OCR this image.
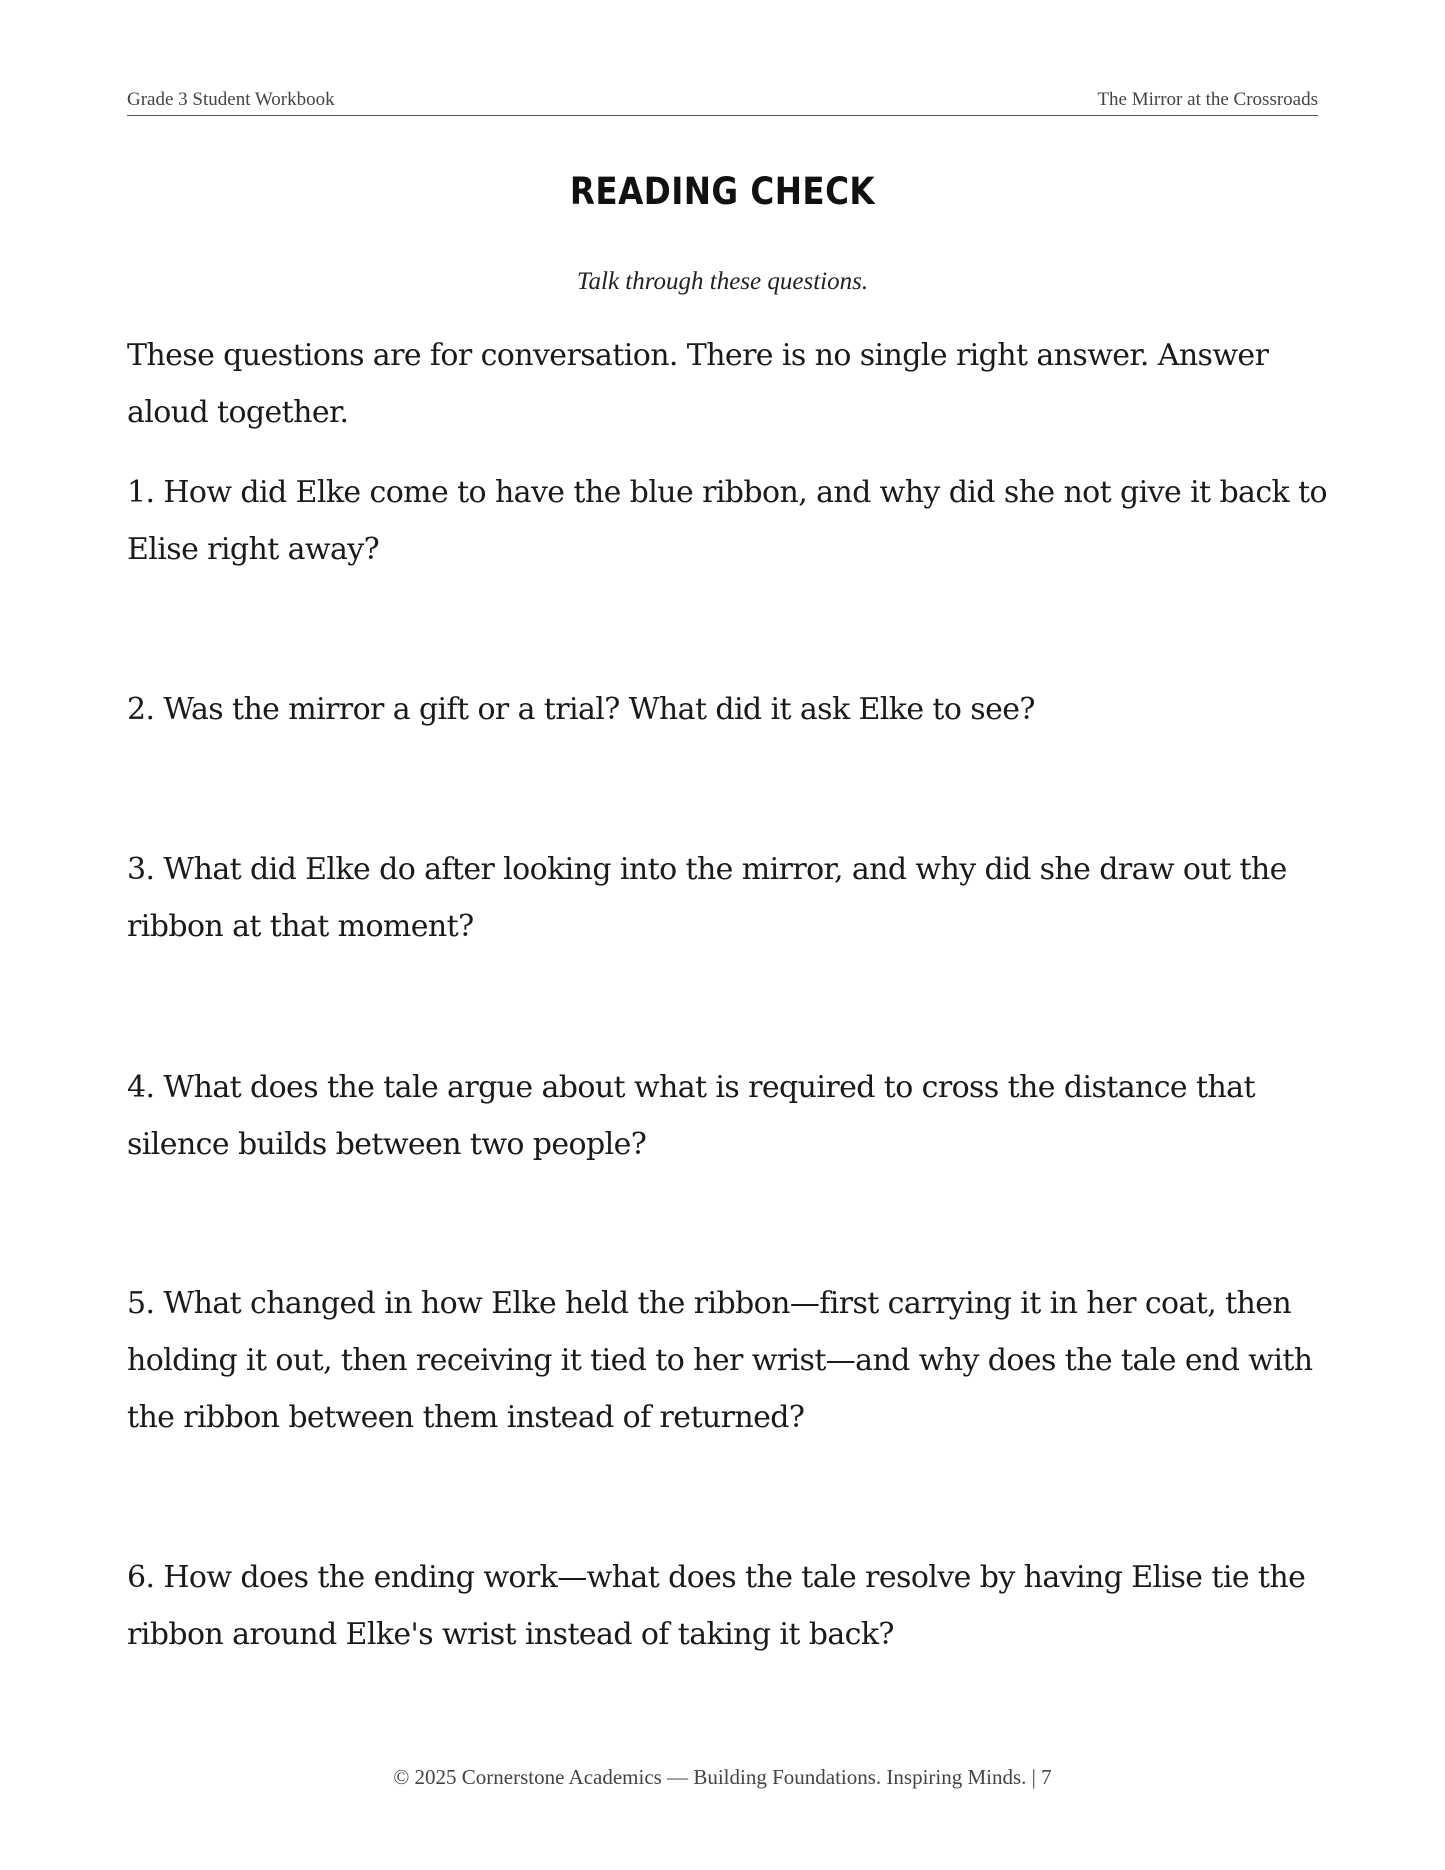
Grade 3 Student Workbook	The Mirror at the Crossroads
READING CHECK
Talk through these questions.
These questions are for conversation. There is no single right answer. Answer aloud together.
1. How did Elke come to have the blue ribbon, and why did she not give it back to Elise right away?
2. Was the mirror a gift or a trial? What did it ask Elke to see?
3. What did Elke do after looking into the mirror, and why did she draw out the ribbon at that moment?
4. What does the tale argue about what is required to cross the distance that silence builds between two people?
5. What changed in how Elke held the ribbon—first carrying it in her coat, then holding it out, then receiving it tied to her wrist—and why does the tale end with the ribbon between them instead of returned?
6. How does the ending work—what does the tale resolve by having Elise tie the ribbon around Elke's wrist instead of taking it back?
© 2025 Cornerstone Academics — Building Foundations. Inspiring Minds. | 7
